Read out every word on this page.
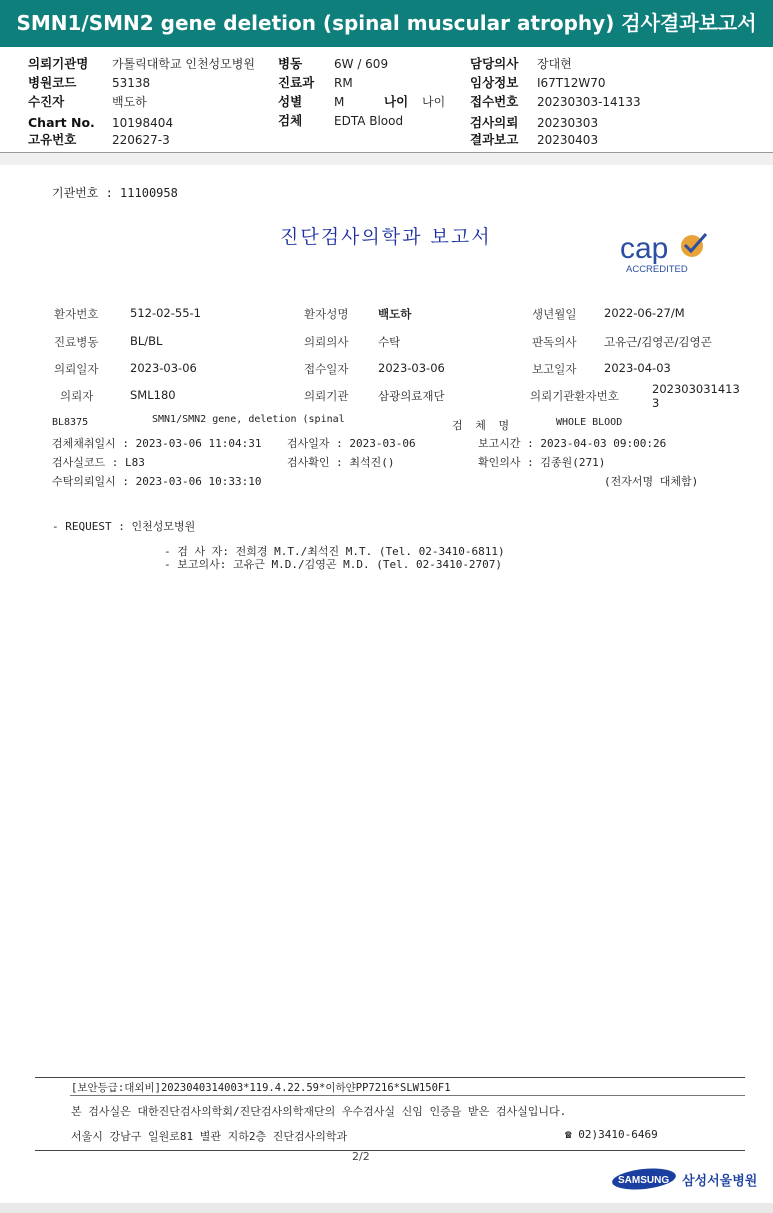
SMN1/SMN2 gene deletion (spinal muscular atrophy) 검사결과보고서
의뢰기관명 가톨릭대학교 인천성모병원
병원코드	53138
수진자	백도하
Chart No. 10198404
고유번호	220627-3
병동	6W / 609
진료과 RM
성별	M	나이 나이
검체	EDTA Blood
담당의사 장대현
임상정보 I67T12W70
접수번호 20230303-14133
검사의뢰 20230303
결과보고 20230403
기관번호 : 11100958
진단검사의학과 보고서	cap
ACCREDITED
환자번호	512-02-55-1	환자성명	백도하	생년월일 2022-06-27/M
진료병동	BL/BL	의뢰의사	수탁	판독의사 고유근/김영곤/김영곤
의뢰일자	2023-03-06	접수일자	2023-03-06	보고일자 2023-04-03
의뢰자	SML180	의뢰기관	삼광의료재단	의뢰기관환자번호	202303031413
3
BL8375	SMN1/SMN2 gene, deletion (spinal	검 체 명	WHOLE BLOOD
검체채취일시 : 2023-03-06 11:04:31 검사일자 : 2023-03-06	보고시간 : 2023-04-03 09:00:26
검사실코드 : L83	검사확인 : 최석진()	확인의사 : 김종원(271)
수탁의뢰일시 : 2023-03-06 10:33:10	(전자서명 대체함)
- REQUEST : 인천성모병원
- 검 사 자: 전희경 M.T./최석진 M.T. (Tel. 02-3410-6811)
- 보고의사: 고유근 M.D./김영곤 M.D. (Tel. 02-3410-2707)
[보안등급:대외비]2023040314003*119.4.22.59*이하얀PP7216*SLW150F1
본 검사실은 대한진단검사의학회/진단검사의학재단의 우수검사실 신임 인증을 받은 검사실입니다.
서울시 강남구 일원로81 별관 지하2층 진단검사의학과	☎ 02)3410-6469
2/2
SAMSUNG 삼성서울병원
